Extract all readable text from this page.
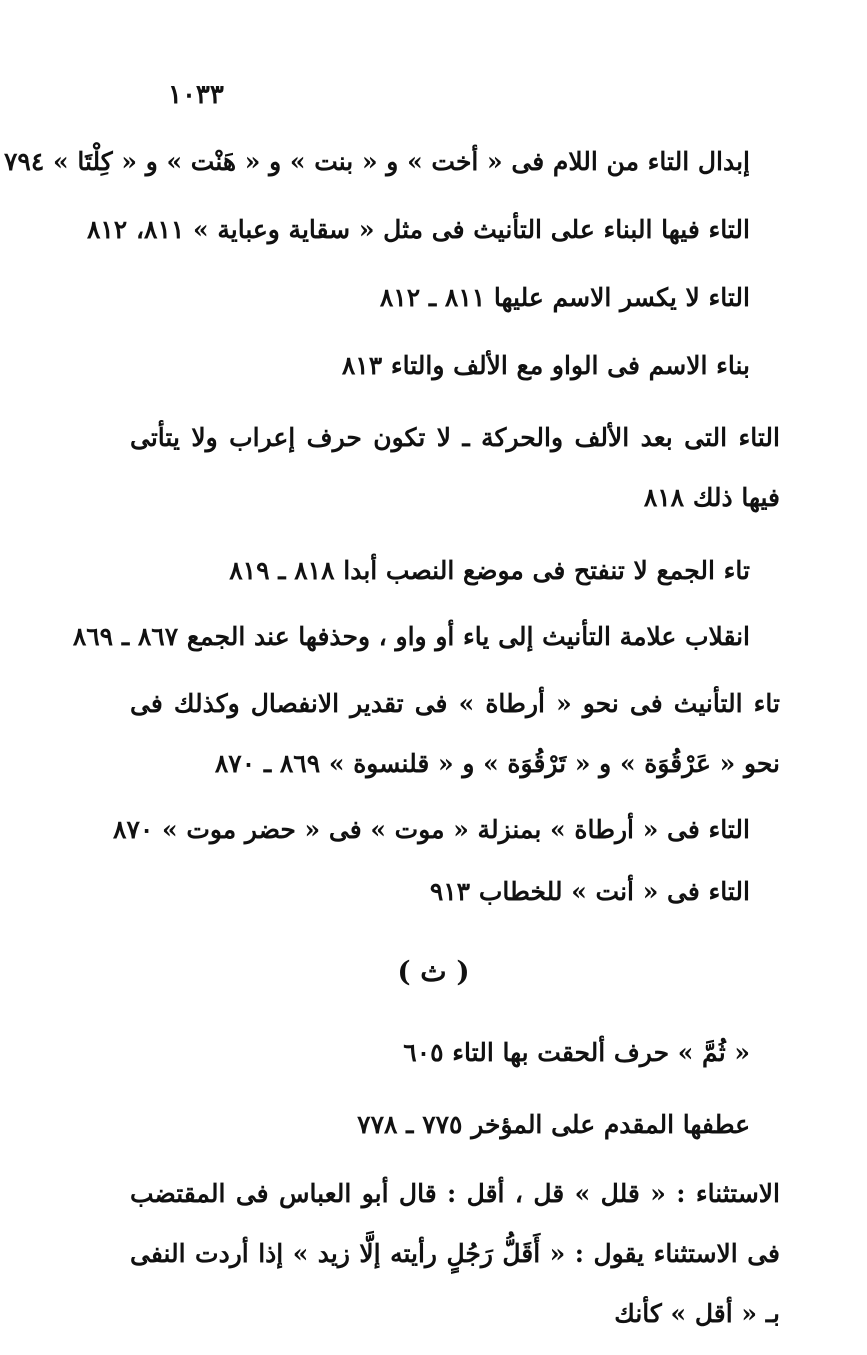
١٠٣٣
إبدال التاء من اللام فى « أخت » و « بنت » و « هَنْت » و « كِلْتَا » ٧٩٤
التاء فيها البناء على التأنيث فى مثل « سقاية وعباية » ٨١١، ٨١٢
التاء لا يكسر الاسم عليها ٨١١ ـ ٨١٢
بناء الاسم فى الواو مع الألف والتاء ٨١٣
التاء التى بعد الألف والحركة ـ لا تكون حرف إعراب ولا يتأتى فيها ذلك ٨١٨
تاء الجمع لا تنفتح فى موضع النصب أبدا ٨١٨ ـ ٨١٩
انقلاب علامة التأنيث إلى ياء أو واو ، وحذفها عند الجمع ٨٦٧ ـ ٨٦٩
تاء التأنيث فى نحو « أرطاة » فى تقدير الانفصال وكذلك فى نحو « عَرْقُوَة » و « تَرْقُوَة » و « قلنسوة » ٨٦٩ ـ ٨٧٠
التاء فى « أرطاة » بمنزلة « موت » فى « حضر موت » ٨٧٠
التاء فى « أنت » للخطاب ٩١٣
( ث )
« ثُمَّ » حرف ألحقت بها التاء ٦٠٥
عطفها المقدم على المؤخر ٧٧٥ ـ ٧٧٨
الاستثناء : « قلل » قل ، أقل : قال أبو العباس فى المقتضب فى الاستثناء يقول : « أَقَلُّ رَجُلٍ رأيته إلَّا زيد » إذا أردت النفى بـ « أقل » كأنك
